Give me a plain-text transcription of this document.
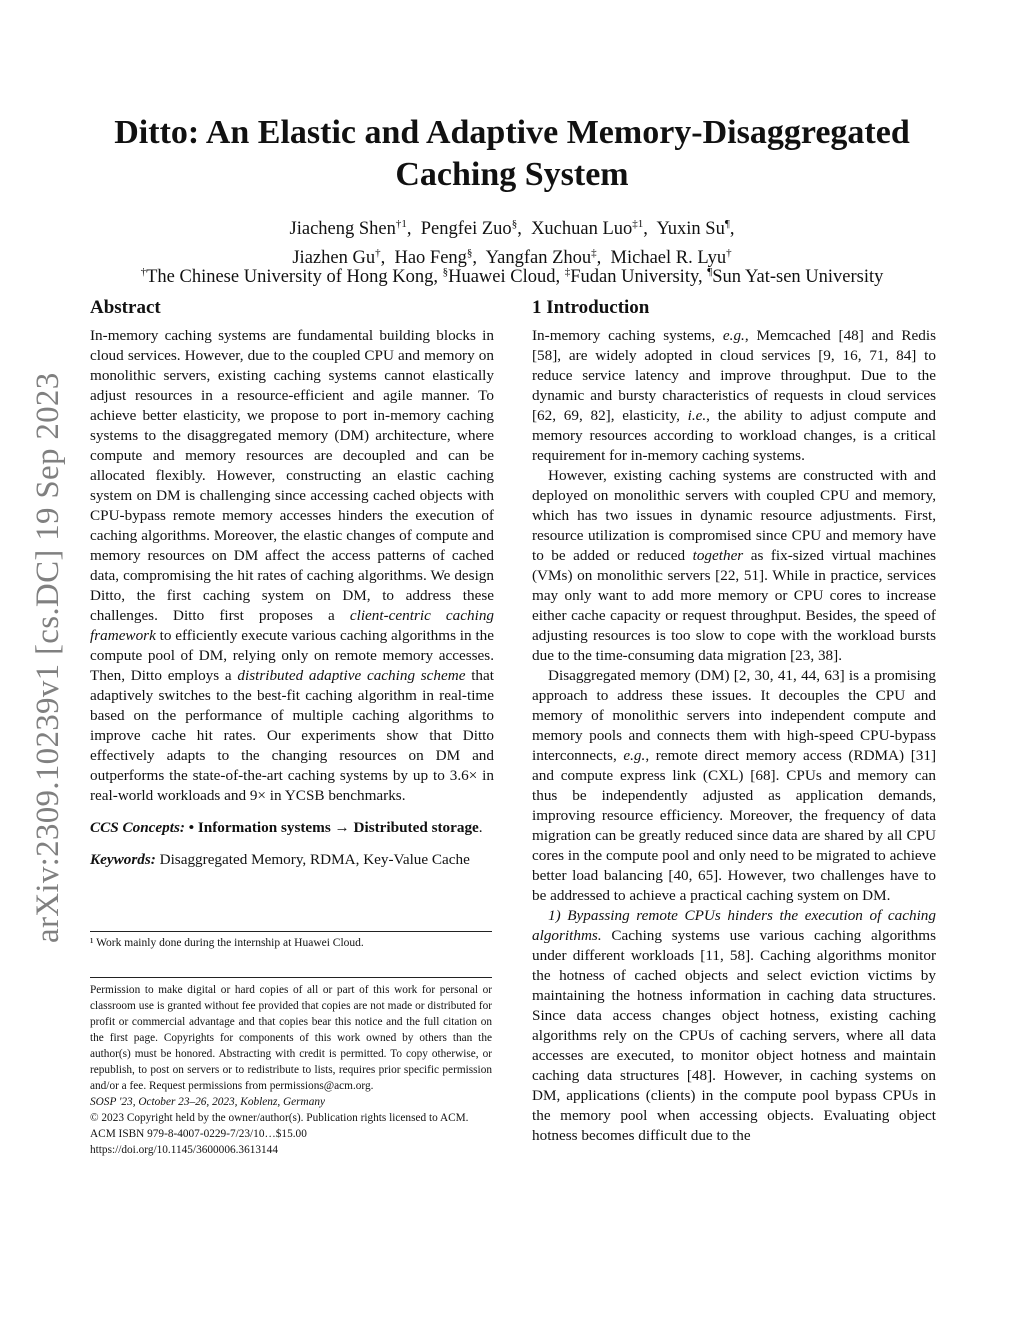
arXiv:2309.10239v1 [cs.DC] 19 Sep 2023
Ditto: An Elastic and Adaptive Memory-Disaggregated
Caching System
Jiacheng Shen$^{\dagger 1}$,  Pengfei Zuo§,  Xuchuan Luo$^{\ddagger 1}$,  Yuxin Su¶,
Jiazhen Gu†,  Hao Feng§,  Yangfan Zhou‡,  Michael R. Lyu†
†The Chinese University of Hong Kong, §Huawei Cloud, ‡Fudan University, ¶Sun Yat-sen University
Abstract

In-memory caching systems are fundamental building blocks in cloud services. However, due to the coupled CPU and memory on monolithic servers, existing caching systems cannot elastically adjust resources in a resource-efficient and agile manner. To achieve better elasticity, we propose to port in-memory caching systems to the disaggregated memory (DM) architecture, where compute and memory resources are decoupled and can be allocated flexibly. However, constructing an elastic caching system on DM is challenging since accessing cached objects with CPU-bypass remote memory accesses hinders the execution of caching algorithms. Moreover, the elastic changes of compute and memory resources on DM affect the access patterns of cached data, compromising the hit rates of caching algorithms. We design Ditto, the first caching system on DM, to address these challenges. Ditto first proposes a client-centric caching framework to efficiently execute various caching algorithms in the compute pool of DM, relying only on remote memory accesses. Then, Ditto employs a distributed adaptive caching scheme that adaptively switches to the best-fit caching algorithm in real-time based on the performance of multiple caching algorithms to improve cache hit rates. Our experiments show that Ditto effectively adapts to the changing resources on DM and outperforms the state-of-the-art caching systems by up to 3.6× in real-world workloads and 9× in YCSB benchmarks.

CCS Concepts: • Information systems → Distributed storage.
Keywords: Disaggregated Memory, RDMA, Key-Value Cache
¹ Work mainly done during the internship at Huawei Cloud.
Permission to make digital or hard copies of all or part of this work for personal or classroom use is granted without fee provided that copies are not made or distributed for profit or commercial advantage and that copies bear this notice and the full citation on the first page. Copyrights for components of this work owned by others than the author(s) must be honored. Abstracting with credit is permitted. To copy otherwise, or republish, to post on servers or to redistribute to lists, requires prior specific permission and/or a fee. Request permissions from permissions@acm.org.
SOSP '23, October 23–26, 2023, Koblenz, Germany
© 2023 Copyright held by the owner/author(s). Publication rights licensed to ACM.
ACM ISBN 979-8-4007-0229-7/23/10…$15.00
https://doi.org/10.1145/3600006.3613144
1 Introduction

In-memory caching systems, e.g., Memcached [48] and Redis [58], are widely adopted in cloud services [9, 16, 71, 84] to reduce service latency and improve throughput. Due to the dynamic and bursty characteristics of requests in cloud services [62, 69, 82], elasticity, i.e., the ability to adjust compute and memory resources according to workload changes, is a critical requirement for in-memory caching systems.

However, existing caching systems are constructed with and deployed on monolithic servers with coupled CPU and memory, which has two issues in dynamic resource adjustments. First, resource utilization is compromised since CPU and memory have to be added or reduced together as fix-sized virtual machines (VMs) on monolithic servers [22, 51]. While in practice, services may only want to add more memory or CPU cores to increase either cache capacity or request throughput. Besides, the speed of adjusting resources is too slow to cope with the workload bursts due to the time-consuming data migration [23, 38].

Disaggregated memory (DM) [2, 30, 41, 44, 63] is a promising approach to address these issues. It decouples the CPU and memory of monolithic servers into independent compute and memory pools and connects them with high-speed CPU-bypass interconnects, e.g., remote direct memory access (RDMA) [31] and compute express link (CXL) [68]. CPUs and memory can thus be independently adjusted as application demands, improving resource efficiency. Moreover, the frequency of data migration can be greatly reduced since data are shared by all CPU cores in the compute pool and only need to be migrated to achieve better load balancing [40, 65]. However, two challenges have to be addressed to achieve a practical caching system on DM.

1) Bypassing remote CPUs hinders the execution of caching algorithms. Caching systems use various caching algorithms under different workloads [11, 58]. Caching algorithms monitor the hotness of cached objects and select eviction victims by maintaining the hotness information in caching data structures. Since data access changes object hotness, existing caching algorithms rely on the CPUs of caching servers, where all data accesses are executed, to monitor object hotness and maintain caching data structures [48]. However, in caching systems on DM, applications (clients) in the compute pool bypass CPUs in the memory pool when accessing objects. Evaluating object hotness becomes difficult due to the
